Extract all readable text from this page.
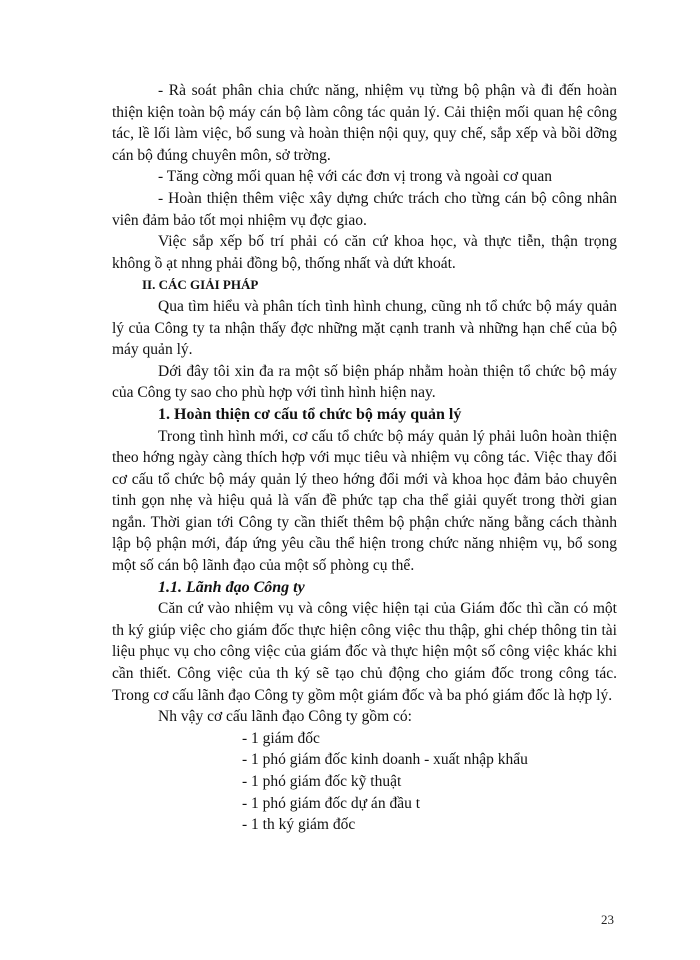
- Rà soát phân chia chức năng, nhiệm vụ từng bộ phận và đi đến hoàn thiện kiện toàn bộ máy cán bộ làm công tác quản lý. Cải thiện mối quan hệ công tác, lề lối làm việc, bổ sung và hoàn thiện nội quy, quy chế, sắp xếp và bồi dỡng cán bộ đúng chuyên môn, sở trờng.

- Tăng cờng mối quan hệ với các đơn vị trong và ngoài cơ quan

- Hoàn thiện thêm việc xây dựng chức trách cho từng cán bộ công nhân viên đảm bảo tốt mọi nhiệm vụ đợc giao.

Việc sắp xếp bố trí phải có căn cứ khoa học, và thực tiễn, thận trọng không ồ ạt nhng phải đồng bộ, thống nhất và dứt khoát.

II. CÁC GIẢI PHÁP

Qua tìm hiểu và phân tích tình hình chung, cũng nh tổ chức bộ máy quản lý của Công ty ta nhận thấy đợc những mặt cạnh tranh và những hạn chế của bộ máy quản lý.

Dới đây tôi xin đa ra một số biện pháp nhằm hoàn thiện tổ chức bộ máy của Công ty sao cho phù hợp với tình hình hiện nay.

1. Hoàn thiện cơ cấu tổ chức bộ máy quản lý

Trong tình hình mới, cơ cấu tổ chức bộ máy quản lý phải luôn hoàn thiện theo hớng ngày càng thích hợp với mục tiêu và nhiệm vụ công tác. Việc thay đổi cơ cấu tổ chức bộ máy quản lý theo hớng đổi mới và khoa học đảm bảo chuyên tinh gọn nhẹ và hiệu quả là vấn đề phức tạp cha thể giải quyết trong thời gian ngắn. Thời gian tới Công ty cần thiết thêm bộ phận chức năng bằng cách thành lập bộ phận mới, đáp ứng yêu cầu thể hiện trong chức năng nhiệm vụ, bổ song một số cán bộ lãnh đạo của một số phòng cụ thể.

1.1. Lãnh đạo Công ty

Căn cứ vào nhiệm vụ và công việc hiện tại của Giám đốc thì cần có một th ký giúp việc cho giám đốc thực hiện công việc thu thập, ghi chép thông tin tài liệu phục vụ cho công việc của giám đốc và thực hiện một số công việc khác khi cần thiết. Công việc của th ký sẽ tạo chủ động cho giám đốc trong công tác. Trong cơ cấu lãnh đạo Công ty gồm một giám đốc và ba phó giám đốc là hợp lý.

Nh vậy cơ cấu lãnh đạo Công ty gồm có:

- 1 giám đốc
- 1 phó giám đốc kinh doanh - xuất nhập khẩu
- 1 phó giám đốc kỹ thuật
- 1 phó giám đốc dự án đầu t
- 1 th ký giám đốc
23
